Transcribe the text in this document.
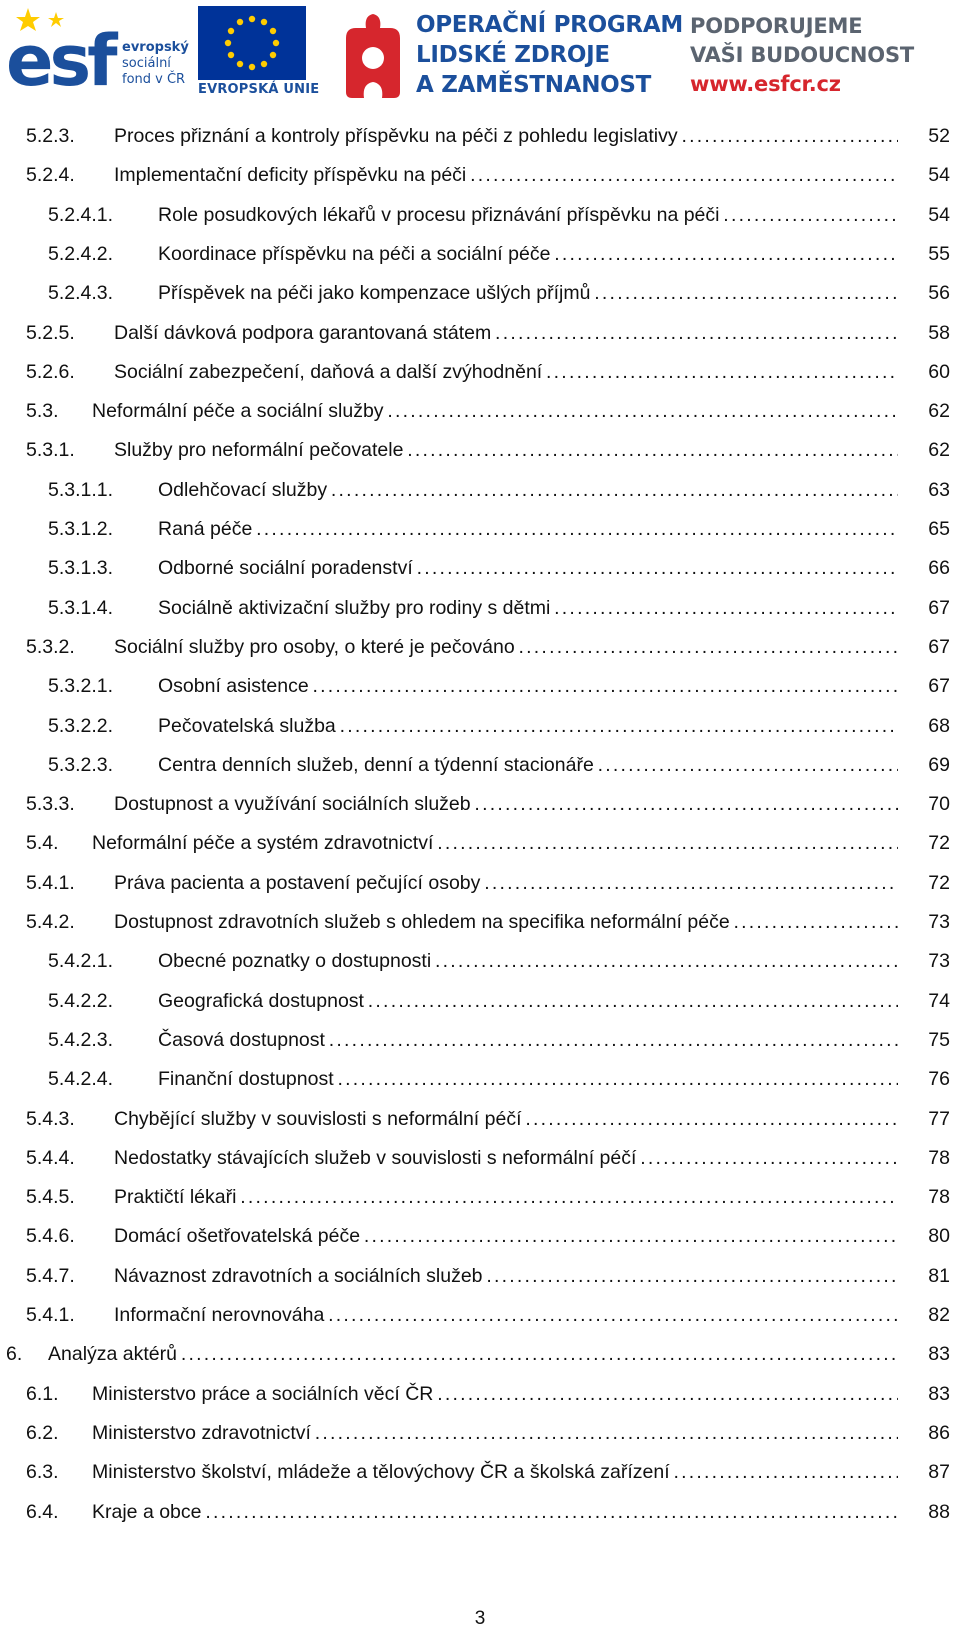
esf evropský
sociální
fond v ČR
EVROPSKÁ UNIE
OPERAČNÍ PROGRAM
LIDSKÉ ZDROJE
A ZAMĚSTNANOST
PODPORUJEME
VAŠI BUDOUCNOST
www.esfcr.cz
5.2.3. Proces přiznání a kontroly příspěvku na péči z pohledu legislativy . . .	52
5.2.4. Implementační deficity příspěvku na péči . . .	54
5.2.4.1. Role posudkových lékařů v procesu přiznávání příspěvku na péči . . .	54
5.2.4.2. Koordinace příspěvku na péči a sociální péče . . .	55
5.2.4.3. Příspěvek na péči jako kompenzace ušlých příjmů . . .	56
5.2.5. Další dávková podpora garantovaná státem . . .	58
5.2.6. Sociální zabezpečení, daňová a další zvýhodnění . . .	60
5.3. Neformální péče a sociální služby . . .	62
5.3.1. Služby pro neformální pečovatele . . .	62
5.3.1.1. Odlehčovací služby . . .	63
5.3.1.2. Raná péče . . .	65
5.3.1.3. Odborné sociální poradenství . . .	66
5.3.1.4. Sociálně aktivizační služby pro rodiny s dětmi . . .	67
5.3.2. Sociální služby pro osoby, o které je pečováno . . .	67
5.3.2.1. Osobní asistence . . .	67
5.3.2.2. Pečovatelská služba . . .	68
5.3.2.3. Centra denních služeb, denní a týdenní stacionáře . . .	69
5.3.3. Dostupnost a využívání sociálních služeb . . .	70
5.4. Neformální péče a systém zdravotnictví . . .	72
5.4.1. Práva pacienta a postavení pečující osoby . . .	72
5.4.2. Dostupnost zdravotních služeb s ohledem na specifika neformální péče . . .	73
5.4.2.1. Obecné poznatky o dostupnosti . . .	73
5.4.2.2. Geografická dostupnost . . .	74
5.4.2.3. Časová dostupnost . . .	75
5.4.2.4. Finanční dostupnost . . .	76
5.4.3. Chybějící služby v souvislosti s neformální péčí . . .	77
5.4.4. Nedostatky stávajících služeb v souvislosti s neformální péčí . . .	78
5.4.5. Praktičtí lékaři . . .	78
5.4.6. Domácí ošetřovatelská péče . . .	80
5.4.7. Návaznost zdravotních a sociálních služeb . . .	81
5.4.1. Informační nerovnováha . . .	82
6. Analýza aktérů . . .	83
6.1. Ministerstvo práce a sociálních věcí ČR . . .	83
6.2. Ministerstvo zdravotnictví . . .	86
6.3. Ministerstvo školství, mládeže a tělovýchovy ČR a školská zařízení . . .	87
6.4. Kraje a obce . . .	88
3
